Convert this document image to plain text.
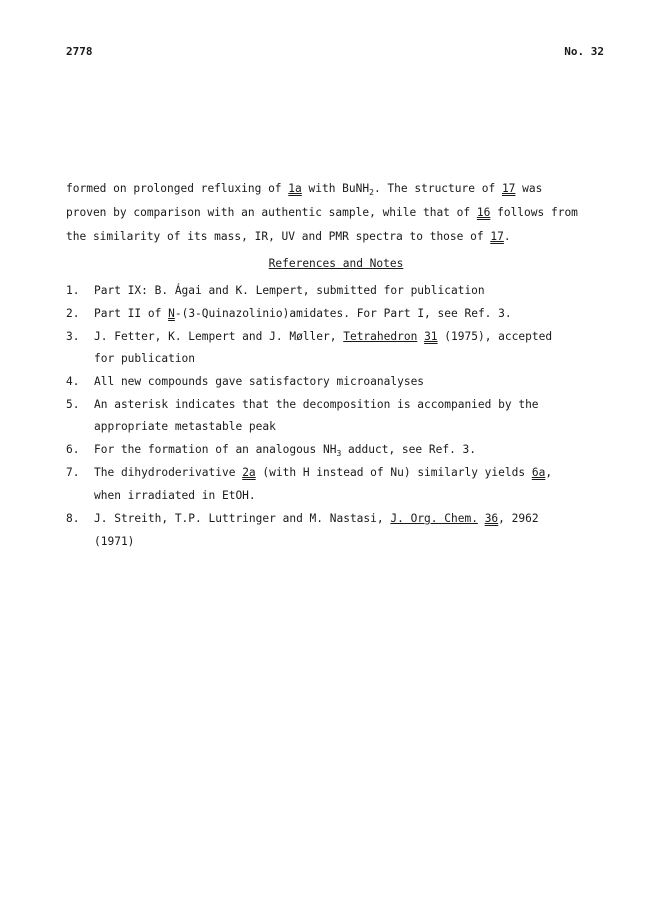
2778	No. 32
formed on prolonged refluxing of 1a with BuNH$_2$. The structure of 17 was
proven by comparison with an authentic sample, while that of 16 follows from
the similarity of its mass, IR, UV and PMR spectra to those of 17.
References and Notes
1. Part IX: B. Ágai and K. Lempert, submitted for publication
2. Part II of N-(3-Quinazolinio)amidates. For Part I, see Ref. 3.
3. J. Fetter, K. Lempert and J. Møller, Tetrahedron 31 (1975), accepted
for publication
4. All new compounds gave satisfactory microanalyses
5. An asterisk indicates that the decomposition is accompanied by the
appropriate metastable peak
6. For the formation of an analogous $NH_3$ adduct, see Ref. 3.
7. The dihydroderivative 2a (with H instead of Nu) similarly yields 6a,
when irradiated in EtOH.
8. J. Streith, T.P. Luttringer and M. Nastasi, J. Org. Chem. 36, 2962
(1971)
